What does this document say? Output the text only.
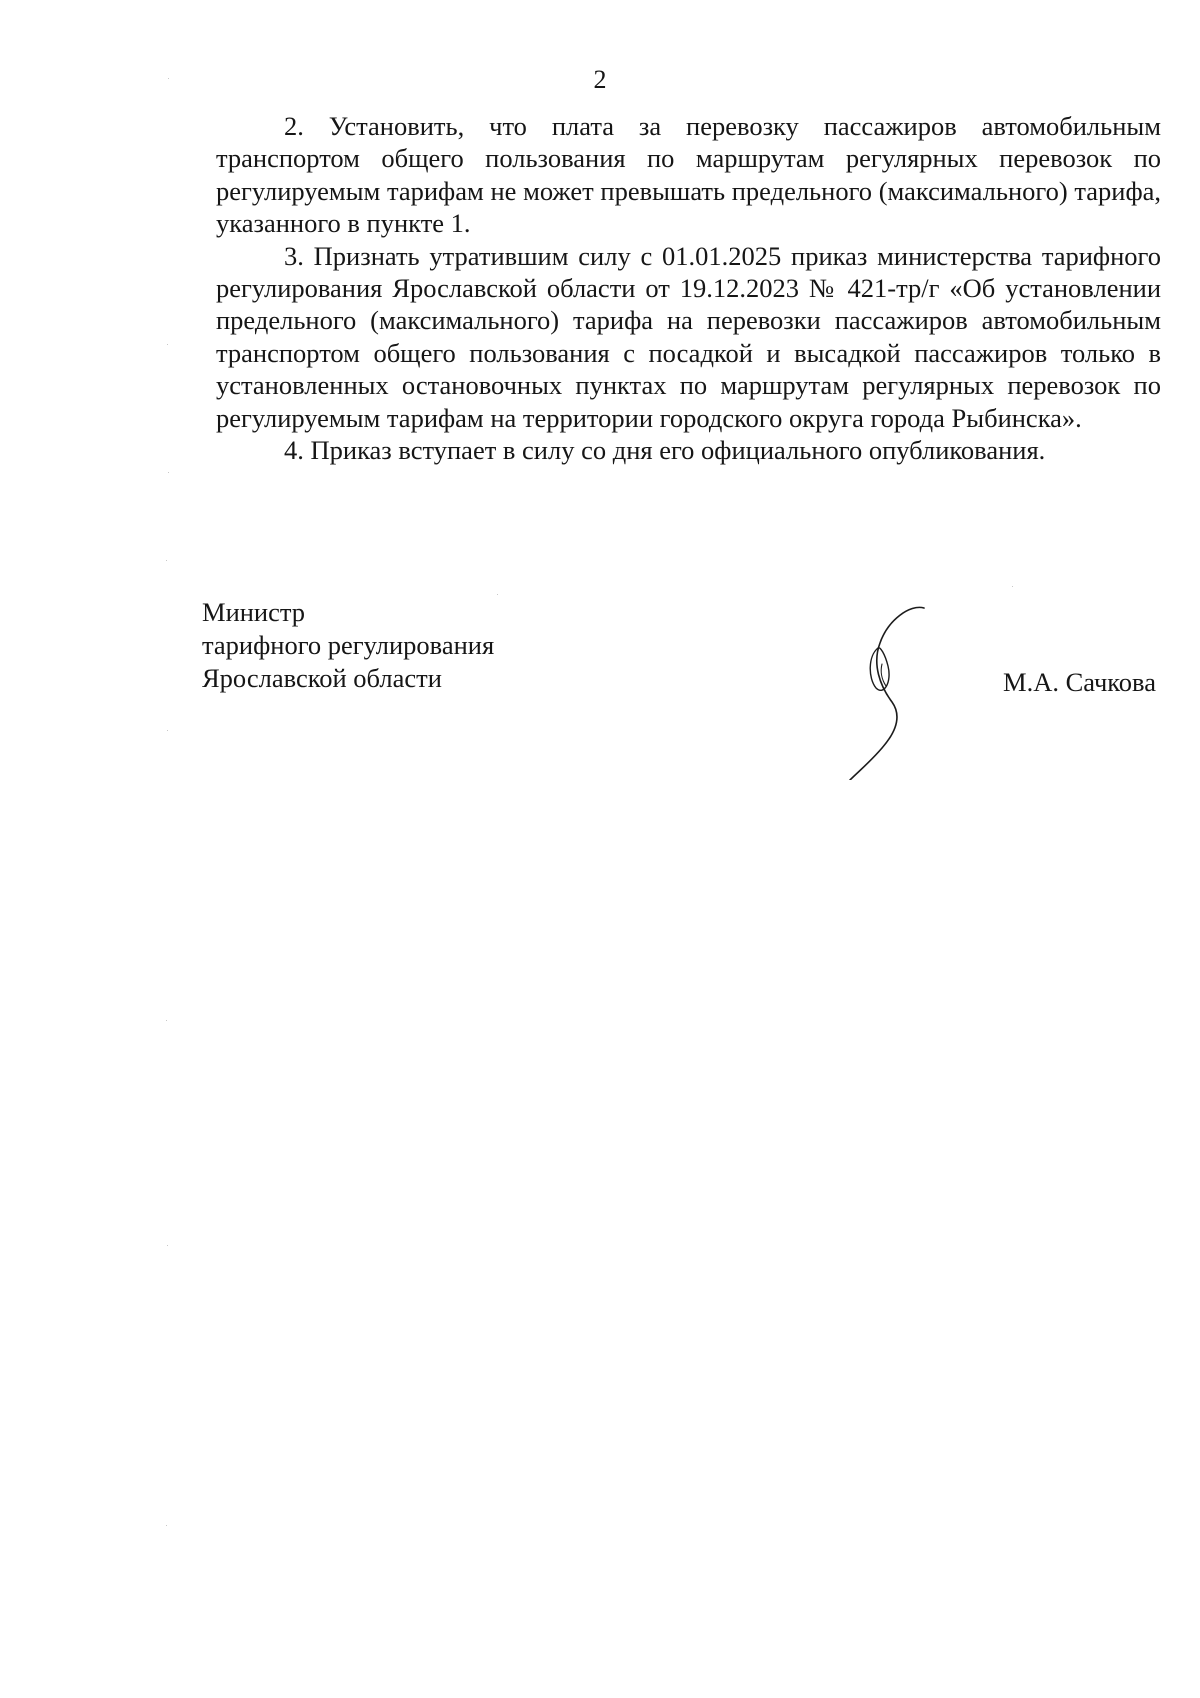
2

2. Установить, что плата за перевозку пассажиров автомобильным транспортом общего пользования по маршрутам регулярных перевозок по регулируемым тарифам не может превышать предельного (максимального) тарифа, указанного в пункте 1.

3. Признать утратившим силу с 01.01.2025 приказ министерства тарифного регулирования Ярославской области от 19.12.2023 № 421-тр/г «Об установлении предельного (максимального) тарифа на перевозки пассажиров автомобильным транспортом общего пользования с посадкой и высадкой пассажиров только в установленных остановочных пунктах по маршрутам регулярных перевозок по регулируемым тарифам на территории городского округа города Рыбинска».

4. Приказ вступает в силу со дня его официального опубликования.

Министр
тарифного регулирования
Ярославской области	М.А. Сачкова
